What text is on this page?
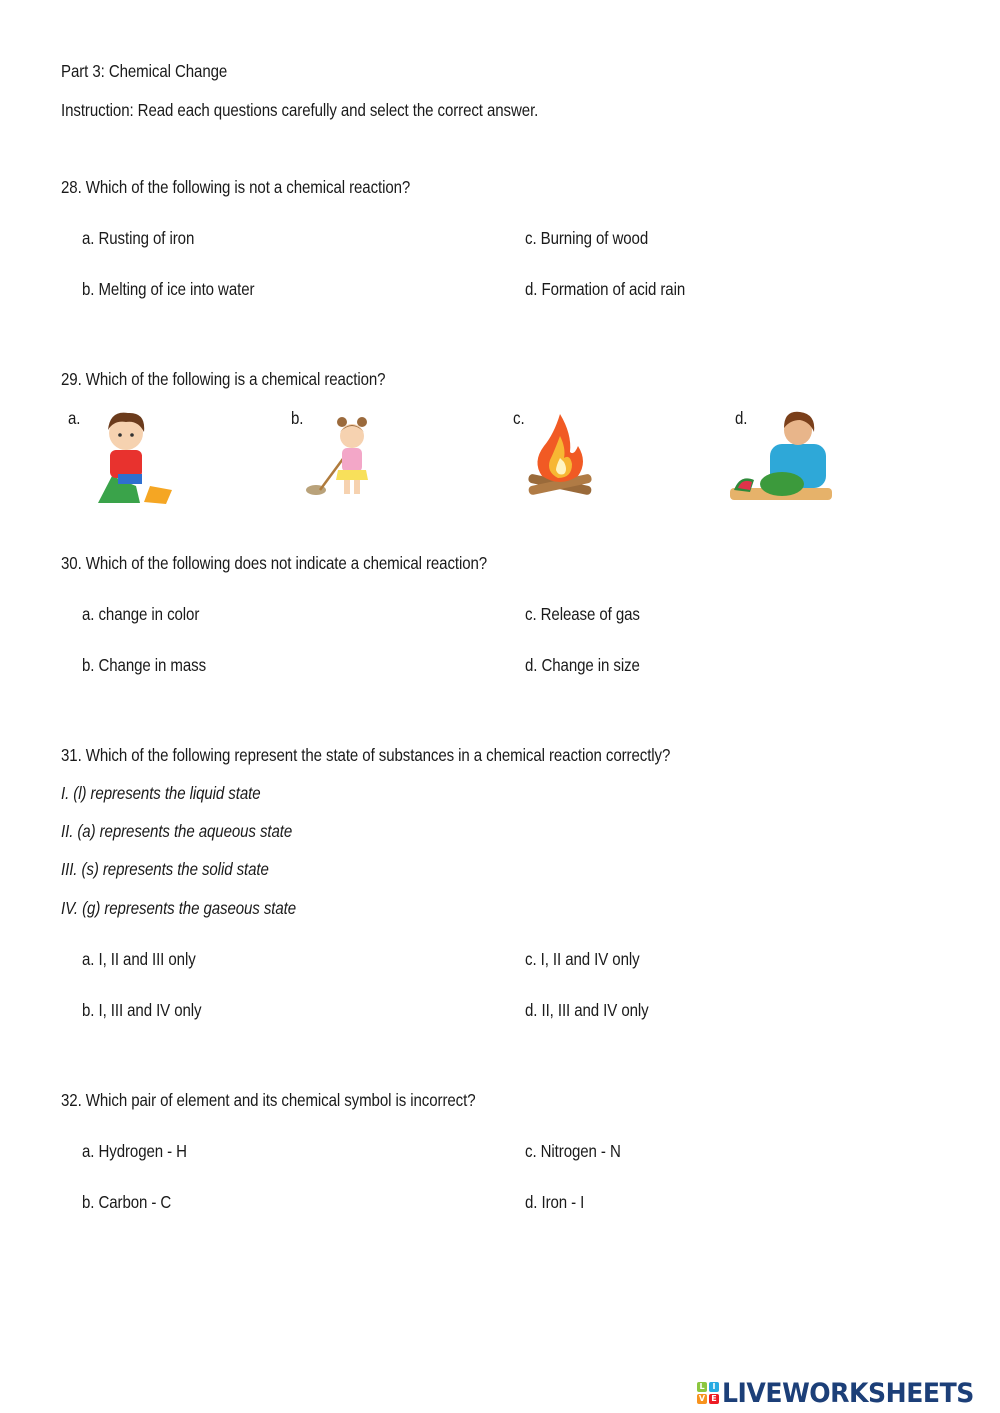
Part 3: Chemical Change
Instruction: Read each questions carefully and select the correct answer.
28. Which of the following is not a chemical reaction?
a. Rusting of iron
b. Melting of ice into water
c. Burning of wood
d. Formation of acid rain
29. Which of the following is a chemical reaction?
a.	b.	c.	d.
30. Which of the following does not indicate a chemical reaction?
a. change in color
b. Change in mass
c. Release of gas
d. Change in size
31. Which of the following represent the state of substances in a chemical reaction correctly?
I. (l) represents the liquid state
II. (a) represents the aqueous state
III. (s) represents the solid state
IV. (g) represents the gaseous state
a. I, II and III only
b. I, III and IV only
c. I, II and IV only
d. II, III and IV only
32. Which pair of element and its chemical symbol is incorrect?
a. Hydrogen - H
b. Carbon - C
c. Nitrogen - N
d. Iron - I
L I
V E LIVEWORKSHEETS
